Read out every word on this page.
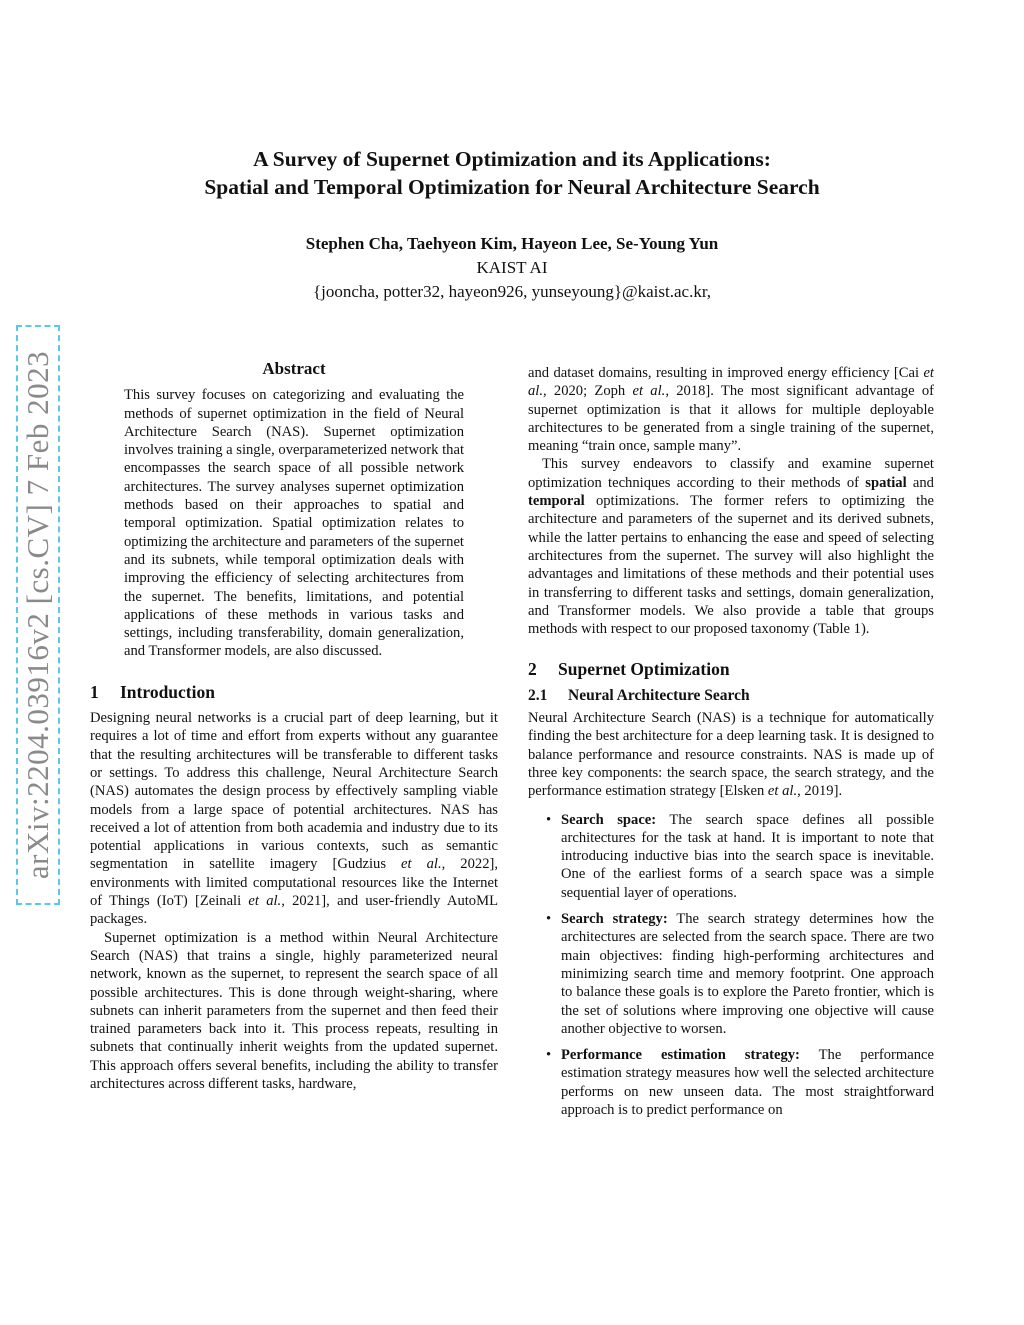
arXiv:2204.03916v2 [cs.CV] 7 Feb 2023
A Survey of Supernet Optimization and its Applications:
Spatial and Temporal Optimization for Neural Architecture Search
Stephen Cha, Taehyeon Kim, Hayeon Lee, Se-Young Yun
KAIST AI
{jooncha, potter32, hayeon926, yunseyoung}@kaist.ac.kr,
Abstract

This survey focuses on categorizing and evaluating the methods of supernet optimization in the field of Neural Architecture Search (NAS). Supernet optimization involves training a single, overparameterized network that encompasses the search space of all possible network architectures. The survey analyses supernet optimization methods based on their approaches to spatial and temporal optimization. Spatial optimization relates to optimizing the architecture and parameters of the supernet and its subnets, while temporal optimization deals with improving the efficiency of selecting architectures from the supernet. The benefits, limitations, and potential applications of these methods in various tasks and settings, including transferability, domain generalization, and Transformer models, are also discussed.

1 Introduction

Designing neural networks is a crucial part of deep learning, but it requires a lot of time and effort from experts without any guarantee that the resulting architectures will be transferable to different tasks or settings. To address this challenge, Neural Architecture Search (NAS) automates the design process by effectively sampling viable models from a large space of potential architectures. NAS has received a lot of attention from both academia and industry due to its potential applications in various contexts, such as semantic segmentation in satellite imagery [Gudzius et al., 2022], environments with limited computational resources like the Internet of Things (IoT) [Zeinali et al., 2021], and user-friendly AutoML packages.

Supernet optimization is a method within Neural Architecture Search (NAS) that trains a single, highly parameterized neural network, known as the supernet, to represent the search space of all possible architectures. This is done through weight-sharing, where subnets can inherit parameters from the supernet and then feed their trained parameters back into it. This process repeats, resulting in subnets that continually inherit weights from the updated supernet. This approach offers several benefits, including the ability to transfer architectures across different tasks, hardware,

and dataset domains, resulting in improved energy efficiency [Cai et al., 2020; Zoph et al., 2018]. The most significant advantage of supernet optimization is that it allows for multiple deployable architectures to be generated from a single training of the supernet, meaning “train once, sample many”.

This survey endeavors to classify and examine supernet optimization techniques according to their methods of spatial and temporal optimizations. The former refers to optimizing the architecture and parameters of the supernet and its derived subnets, while the latter pertains to enhancing the ease and speed of selecting architectures from the supernet. The survey will also highlight the advantages and limitations of these methods and their potential uses in transferring to different tasks and settings, domain generalization, and Transformer models. We also provide a table that groups methods with respect to our proposed taxonomy (Table 1).

2 Supernet Optimization
2.1 Neural Architecture Search

Neural Architecture Search (NAS) is a technique for automatically finding the best architecture for a deep learning task. It is designed to balance performance and resource constraints. NAS is made up of three key components: the search space, the search strategy, and the performance estimation strategy [Elsken et al., 2019].

• Search space: The search space defines all possible architectures for the task at hand. It is important to note that introducing inductive bias into the search space is inevitable. One of the earliest forms of a search space was a simple sequential layer of operations.
• Search strategy: The search strategy determines how the architectures are selected from the search space. There are two main objectives: finding high-performing architectures and minimizing search time and memory footprint. One approach to balance these goals is to explore the Pareto frontier, which is the set of solutions where improving one objective will cause another objective to worsen.
• Performance estimation strategy: The performance estimation strategy measures how well the selected architecture performs on new unseen data. The most straightforward approach is to predict performance on
